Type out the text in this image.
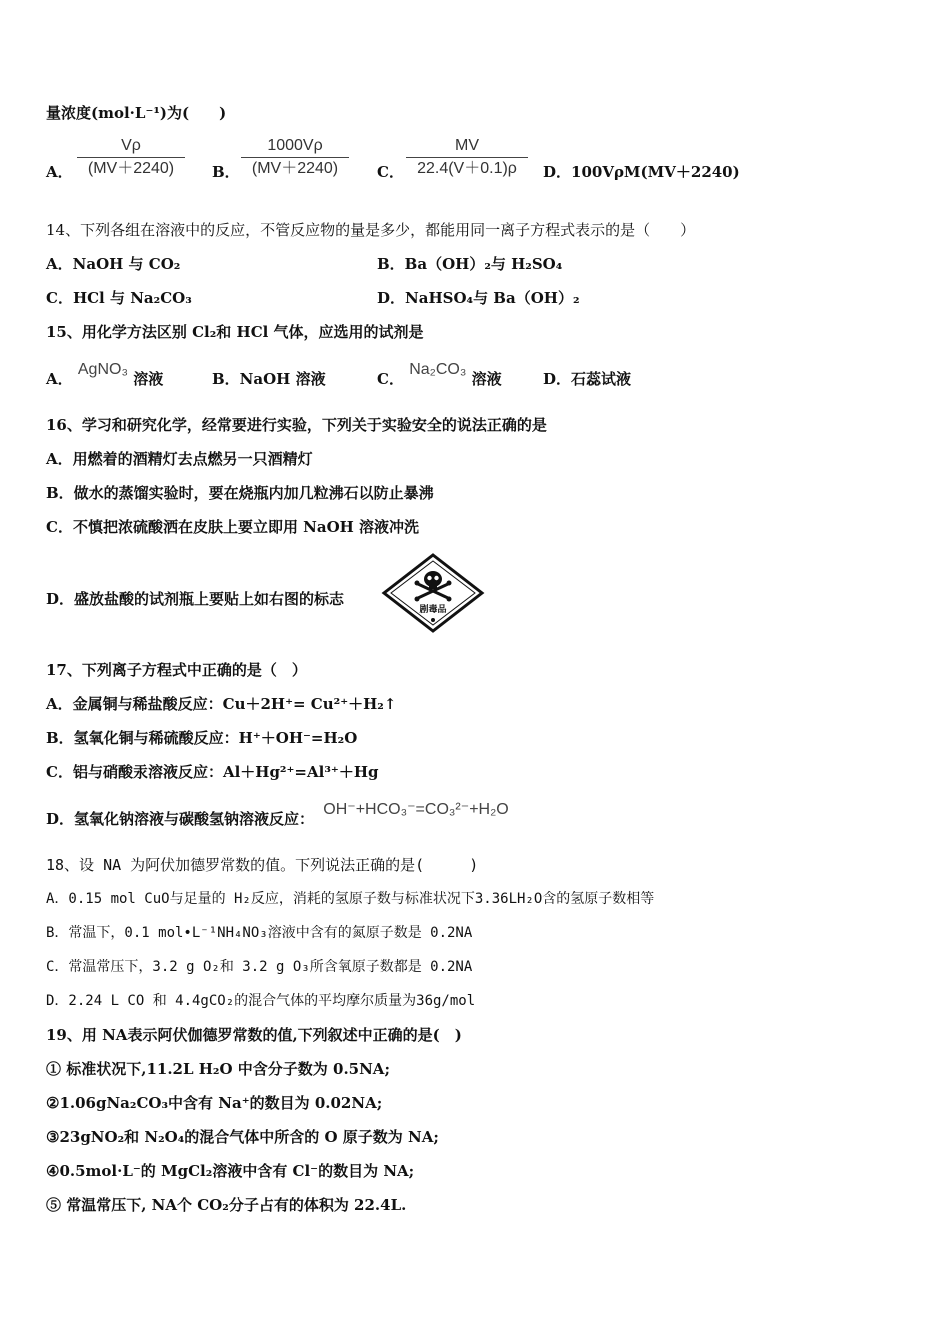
量浓度(mol·L⁻¹)为(　　)
A． $\frac{V\rho}{(MV+2240)}$ B． $\frac{1000V\rho}{(MV+2240)}$ C． $\frac{MV}{22.4(V+0.1)\rho}$ D．100VρM(MV＋2240)
14、下列各组在溶液中的反应，不管反应物的量是多少，都能用同一离子方程式表示的是（　　）
A．NaOH 与 CO₂	B．Ba（OH）₂与 H₂SO₄
C．HCl 与 Na₂CO₃	D．NaHSO₄与 Ba（OH）₂
15、用化学方法区别 Cl₂和 HCl 气体，应选用的试剂是
A． AgNO₃ 溶液	B．NaOH 溶液	C． Na₂CO₃ 溶液	D．石蕊试液
16、学习和研究化学，经常要进行实验，下列关于实验安全的说法正确的是
A．用燃着的酒精灯去点燃另一只酒精灯
B．做水的蒸馏实验时，要在烧瓶内加几粒沸石以防止暴沸
C．不慎把浓硫酸洒在皮肤上要立即用 NaOH 溶液冲洗
D．盛放盐酸的试剂瓶上要贴上如右图的标志
剧毒品
17、下列离子方程式中正确的是（　）
A．金属铜与稀盐酸反应：Cu＋2H⁺= Cu²⁺＋H₂↑
B．氢氧化铜与稀硫酸反应：H⁺＋OH⁻=H₂O
C．铝与硝酸汞溶液反应：Al＋Hg²⁺=Al³⁺＋Hg
D．氢氧化钠溶液与碳酸氢钠溶液反应： OH⁻+HCO₃⁻=CO₃²⁻+H₂O
18、设 NA 为阿伏加德罗常数的值。下列说法正确的是(　　　)
A．0.15 mol CuO与足量的 H₂反应，消耗的氢原子数与标准状况下3.36LH₂O含的氢原子数相等
B．常温下，0.1 mol•L⁻¹NH₄NO₃溶液中含有的氮原子数是 0.2NA
C．常温常压下，3.2 g O₂和 3.2 g O₃所含氧原子数都是 0.2NA
D．2.24 L CO 和 4.4gCO₂的混合气体的平均摩尔质量为36g/mol
19、用 NA表示阿伏伽德罗常数的值,下列叙述中正确的是(　)
① 标准状况下,11.2L H₂O 中含分子数为 0.5NA;
②1.06gNa₂CO₃中含有 Na⁺的数目为 0.02NA;
③23gNO₂和 N₂O₄的混合气体中所含的 O 原子数为 NA;
④0.5mol·L⁻的 MgCl₂溶液中含有 Cl⁻的数目为 NA;
⑤ 常温常压下, NA个 CO₂分子占有的体积为 22.4L.
